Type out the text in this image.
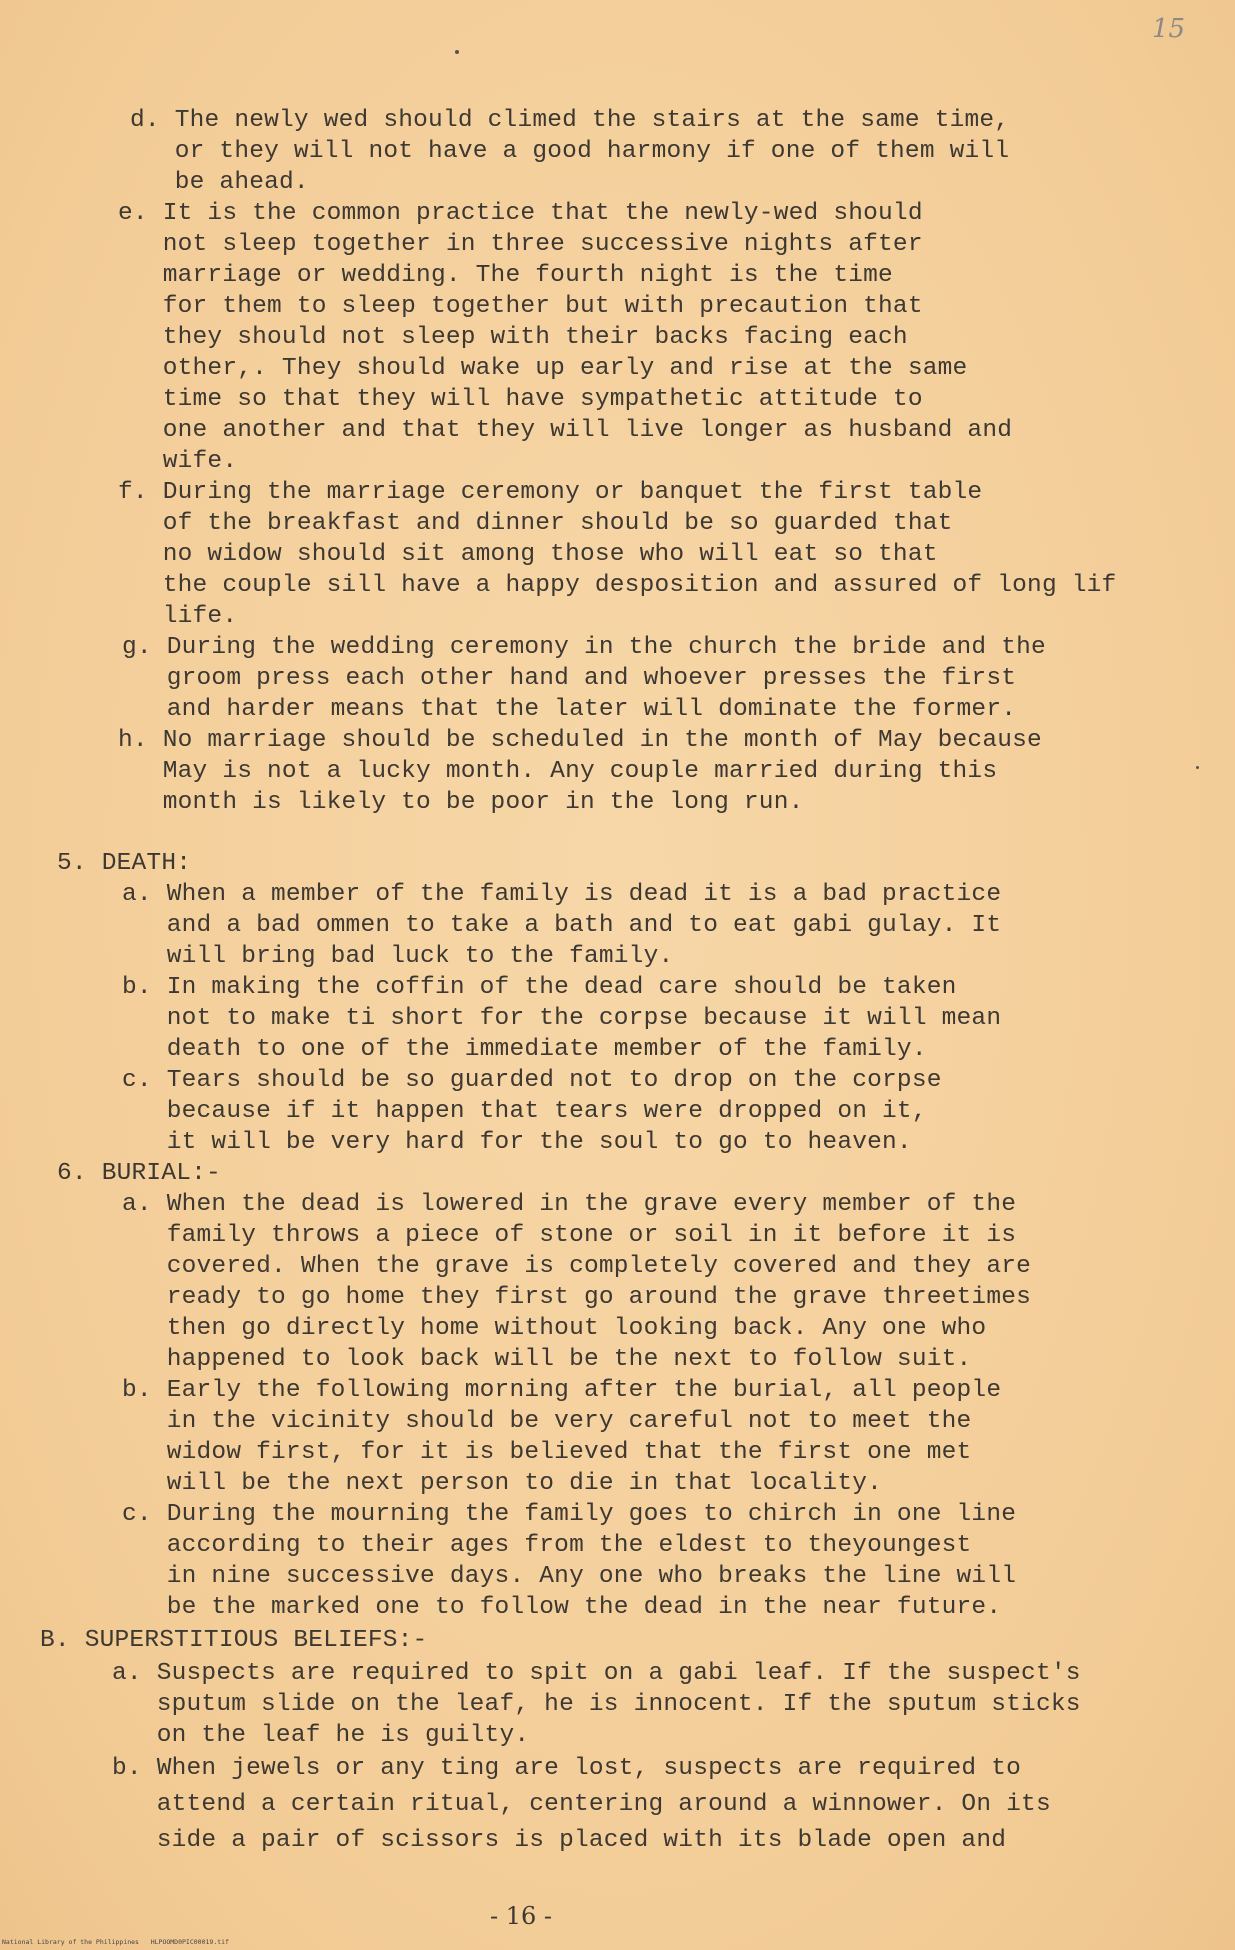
15
d. The newly wed should climed the stairs at the same time,
or they will not have a good harmony if one of them will
be ahead.
e. It is the common practice that the newly-wed should
not sleep together in three successive nights after
marriage or wedding. The fourth night is the time
for them to sleep together but with precaution that
they should not sleep with their backs facing each
other,. They should wake up early and rise at the same
time so that they will have sympathetic attitude to
one another and that they will live longer as husband and
wife.
f. During the marriage ceremony or banquet the first table
of the breakfast and dinner should be so guarded that
no widow should sit among those who will eat so that
the couple sill have a happy desposition and assured of long lif
life.
g. During the wedding ceremony in the church the bride and the
groom press each other hand and whoever presses the first
and harder means that the later will dominate the former.
h. No marriage should be scheduled in the month of May because
May is not a lucky month. Any couple married during this
month is likely to be poor in the long run.
5. DEATH:
a. When a member of the family is dead it is a bad practice
and a bad ommen to take a bath and to eat gabi gulay. It
will bring bad luck to the family.
b. In making the coffin of the dead care should be taken
not to make ti short for the corpse because it will mean
death to one of the immediate member of the family.
c. Tears should be so guarded not to drop on the corpse
because if it happen that tears were dropped on it,
it will be very hard for the soul to go to heaven.
6. BURIAL:-
a. When the dead is lowered in the grave every member of the
family throws a piece of stone or soil in it before it is
covered. When the grave is completely covered and they are
ready to go home they first go around the grave threetimes
then go directly home without looking back. Any one who
happened to look back will be the next to follow suit.
b. Early the following morning after the burial, all people
in the vicinity should be very careful not to meet the
widow first, for it is believed that the first one met
will be the next person to die in that locality.
c. During the mourning the family goes to chirch in one line
according to their ages from the eldest to theyoungest
in nine successive days. Any one who breaks the line will
be the marked one to follow the dead in the near future.
B. SUPERSTITIOUS BELIEFS:-
a. Suspects are required to spit on a gabi leaf. If the suspect's
sputum slide on the leaf, he is innocent. If the sputum sticks
on the leaf he is guilty.
b. When jewels or any ting are lost, suspects are required to
attend a certain ritual, centering around a winnower. On its
side a pair of scissors is placed with its blade open and
- 16 -
National Library of the Philippines   HLPOOMD0PIC00019.tif
